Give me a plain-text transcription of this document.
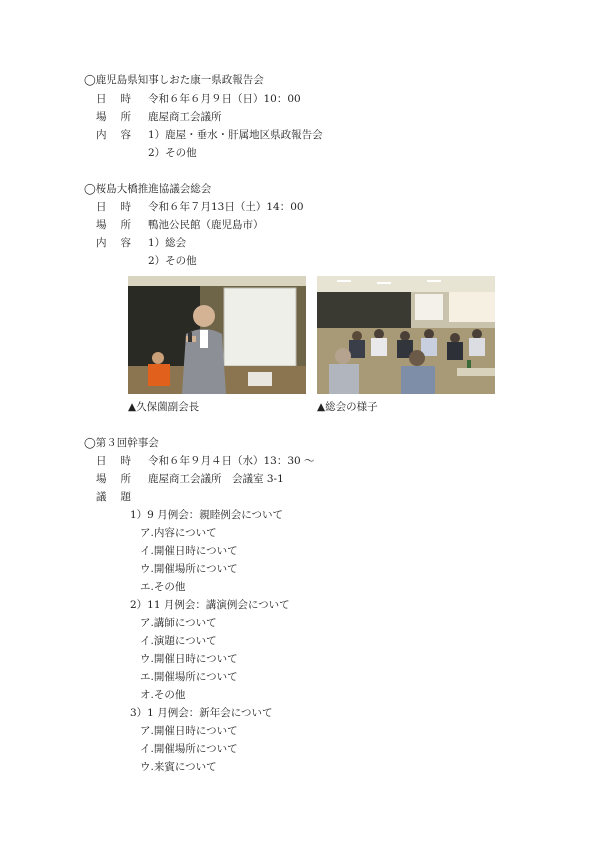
◯鹿児島県知事しおた康一県政報告会
日時 令和６年６月９日（日）10：00
場所 鹿屋商工会議所
内容 1）鹿屋・垂水・肝属地区県政報告会
2）その他
◯桜島大橋推進協議会総会
日時 令和６年７月13日（土）14：00
場所 鴨池公民館（鹿児島市）
内容 1）総会
2）その他
▲久保薗副会長	▲総会の様子
◯第３回幹事会
日時 令和６年９月４日（水）13：30 ～
場所 鹿屋商工会議所　会議室 3-1
議題
1）9 月例会：親睦例会について
ア.内容について
イ.開催日時について
ウ.開催場所について
エ.その他
2）11 月例会：講演例会について
ア.講師について
イ.演題について
ウ.開催日時について
エ.開催場所について
オ.その他
3）1 月例会：新年会について
ア.開催日時について
イ.開催場所について
ウ.来賓について
